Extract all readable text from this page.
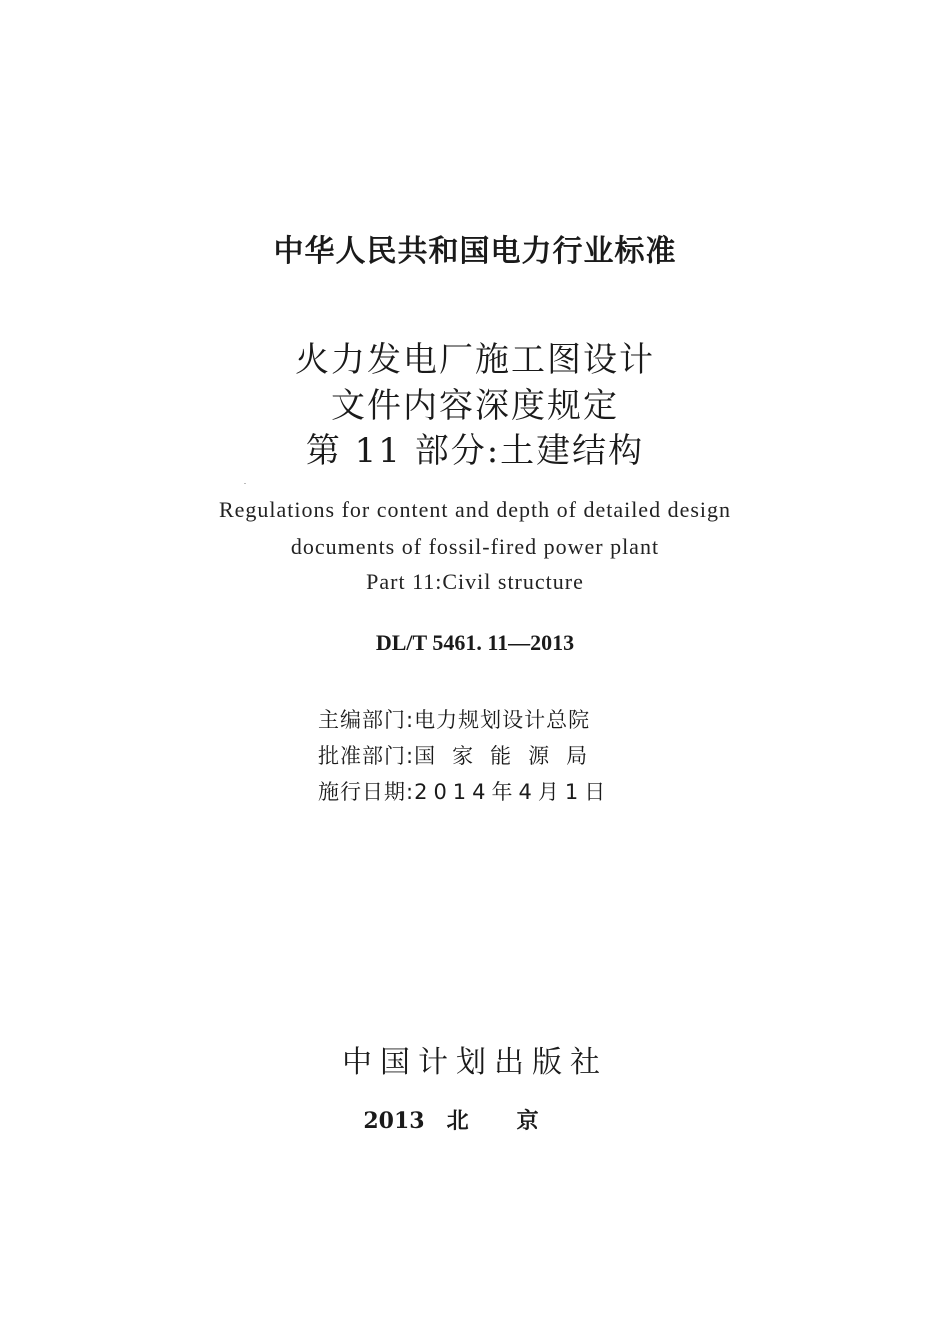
中华人民共和国电力行业标准
火力发电厂施工图设计
文件内容深度规定
第 11 部分:土建结构
Regulations for content and depth of detailed design
documents of fossil-fired power plant
Part 11:Civil structure
DL/T 5461. 11—2013
主编部门:电力规划设计总院
批准部门:国家能源局
施行日期:2014年4月1日
中国计划出版社
2013 北京
